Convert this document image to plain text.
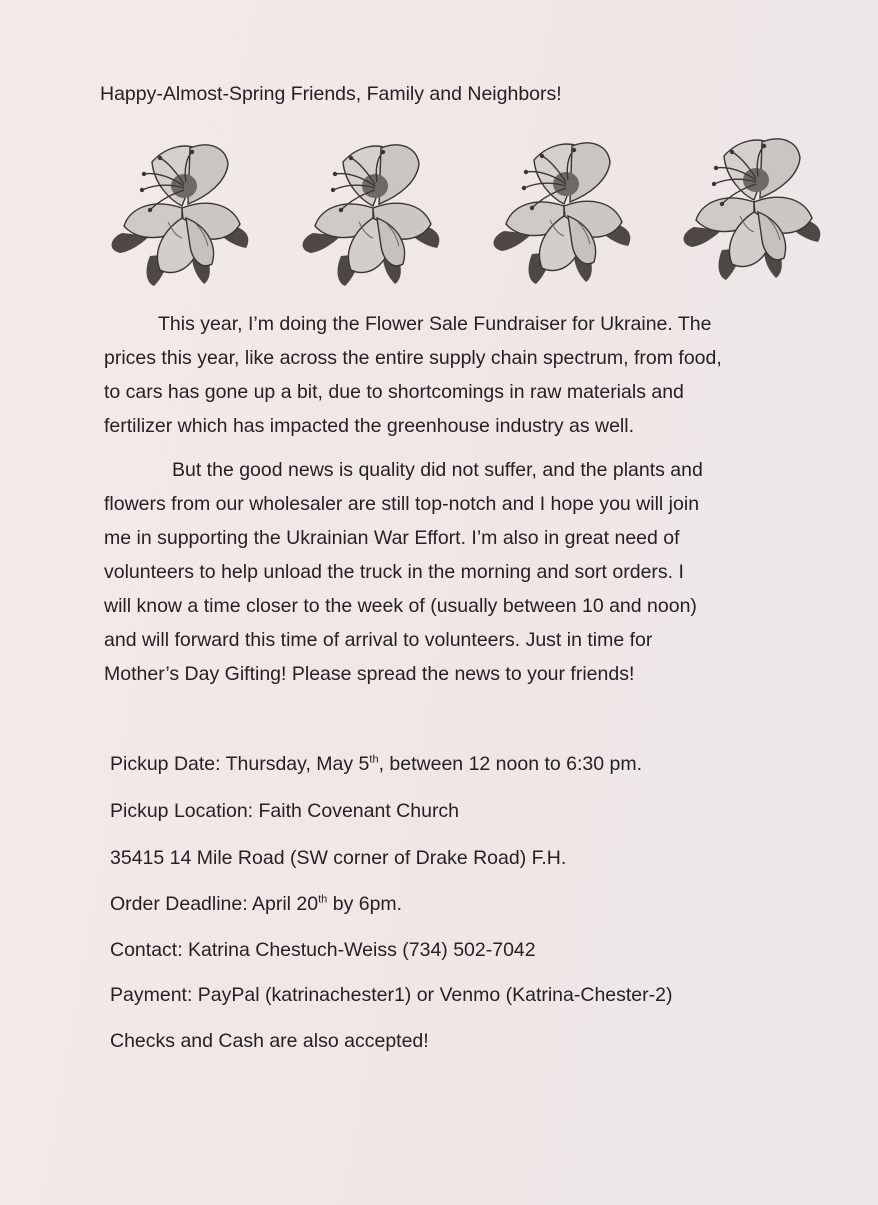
Happy-Almost-Spring Friends, Family and Neighbors!

This year, I’m doing the Flower Sale Fundraiser for Ukraine. The
prices this year, like across the entire supply chain spectrum, from food,
to cars has gone up a bit, due to shortcomings in raw materials and
fertilizer which has impacted the greenhouse industry as well.
But the good news is quality did not suffer, and the plants and
flowers from our wholesaler are still top-notch and I hope you will join
me in supporting the Ukrainian War Effort. I’m also in great need of
volunteers to help unload the truck in the morning and sort orders. I
will know a time closer to the week of (usually between 10 and noon)
and will forward this time of arrival to volunteers. Just in time for
Mother’s Day Gifting! Please spread the news to your friends!

Pickup Date: Thursday, May 5th, between 12 noon to 6:30 pm.

Pickup Location: Faith Covenant Church

35415 14 Mile Road (SW corner of Drake Road) F.H.

Order Deadline: April 20th by 6pm.

Contact: Katrina Chestuch-Weiss (734) 502-7042

Payment: PayPal (katrinachester1) or Venmo (Katrina-Chester-2)

Checks and Cash are also accepted!
